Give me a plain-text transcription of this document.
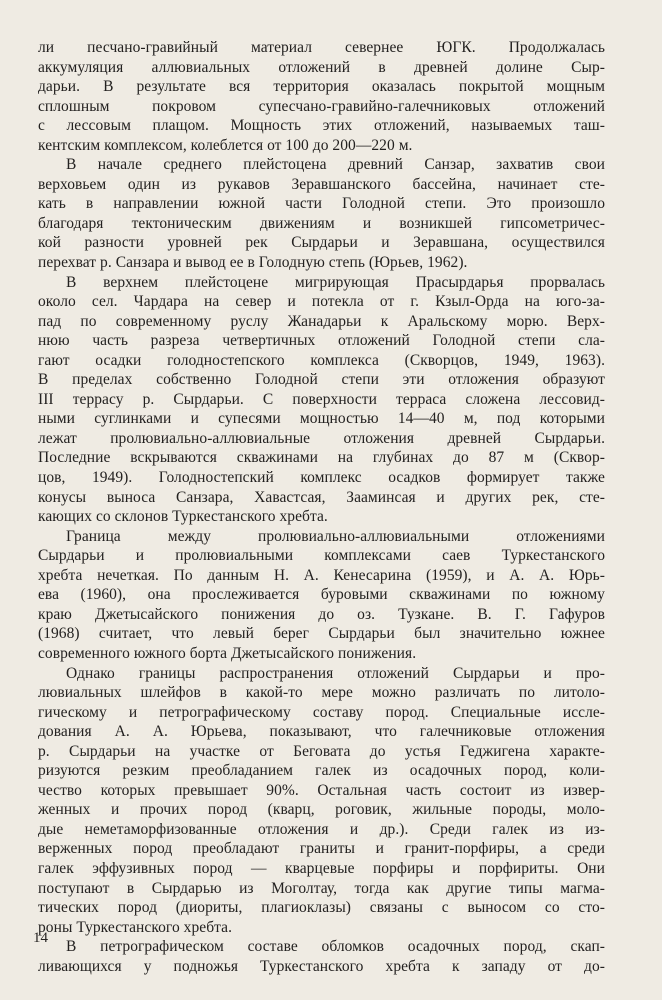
ли песчано-гравийный материал севернее ЮГК. Продолжалась
аккумуляция аллювиальных отложений в древней долине Сыр-
дарьи. В результате вся территория оказалась покрытой мощным
сплошным покровом супесчано-гравийно-галечниковых отложений
с лессовым плащом. Мощность этих отложений, называемых таш-
кентским комплексом, колеблется от 100 до 200—220 м.
В начале среднего плейстоцена древний Санзар, захватив свои
верховьем один из рукавов Зеравшанского бассейна, начинает сте-
кать в направлении южной части Голодной степи. Это произошло
благодаря тектоническим движениям и возникшей гипсометричес-
кой разности уровней рек Сырдарьи и Зеравшана, осуществился
перехват р. Санзара и вывод ее в Голодную степь (Юрьев, 1962).
В верхнем плейстоцене мигрирующая Прасырдарья прорвалась
около сел. Чардара на север и потекла от г. Кзыл-Орда на юго-за-
пад по современному руслу Жанадарьи к Аральскому морю. Верх-
нюю часть разреза четвертичных отложений Голодной степи сла-
гают осадки голодностепского комплекса (Скворцов, 1949, 1963).
В пределах собственно Голодной степи эти отложения образуют
III террасу р. Сырдарьи. С поверхности терраса сложена лессовид-
ными суглинками и супесями мощностью 14—40 м, под которыми
лежат пролювиально-аллювиальные отложения древней Сырдарьи.
Последние вскрываются скважинами на глубинах до 87 м (Сквор-
цов, 1949). Голодностепский комплекс осадков формирует также
конусы выноса Санзара, Хавастсая, Зааминсая и других рек, сте-
кающих со склонов Туркестанского хребта.
Граница между пролювиально-аллювиальными отложениями
Сырдарьи и пролювиальными комплексами саев Туркестанского
хребта нечеткая. По данным Н. А. Кенесарина (1959), и А. А. Юрь-
ева (1960), она прослеживается буровыми скважинами по южному
краю Джетысайского понижения до оз. Тузкане. В. Г. Гафуров
(1968) считает, что левый берег Сырдарьи был значительно южнее
современного южного борта Джетысайского понижения.
Однако границы распространения отложений Сырдарьи и про-
лювиальных шлейфов в какой-то мере можно различать по литоло-
гическому и петрографическому составу пород. Специальные иссле-
дования А. А. Юрьева, показывают, что галечниковые отложения
р. Сырдарьи на участке от Беговата до устья Геджигена характе-
ризуются резким преобладанием галек из осадочных пород, коли-
чество которых превышает 90%. Остальная часть состоит из извер-
женных и прочих пород (кварц, роговик, жильные породы, моло-
дые неметаморфизованные отложения и др.). Среди галек из из-
верженных пород преобладают граниты и гранит-порфиры, а среди
галек эффузивных пород — кварцевые порфиры и порфириты. Они
поступают в Сырдарью из Моголтау, тогда как другие типы магма-
тических пород (диориты, плагиоклазы) связаны с выносом со сто-
роны Туркестанского хребта.
В петрографическом составе обломков осадочных пород, скап-
ливающихся у подножья Туркестанского хребта к западу от до-
14
